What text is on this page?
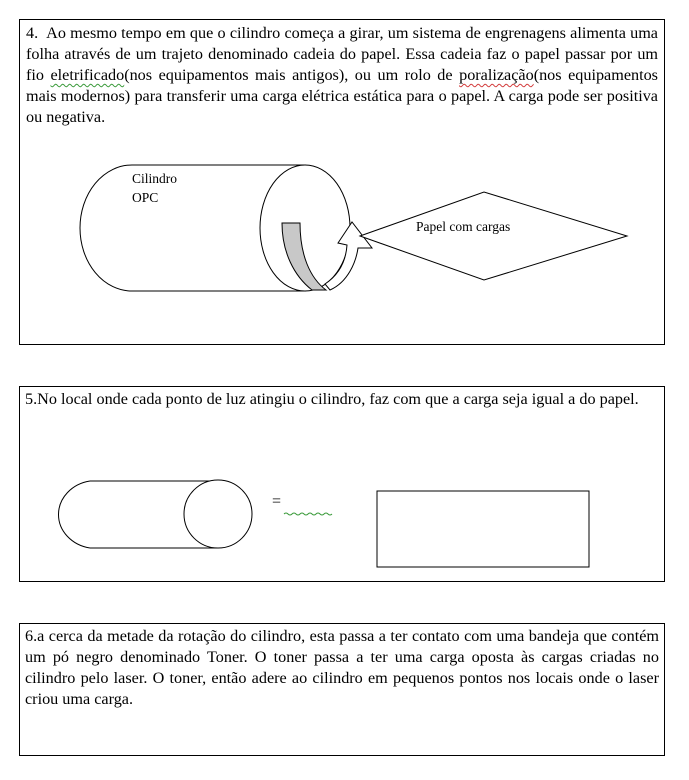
4. Ao mesmo tempo em que o cilindro começa a girar, um sistema de engrenagens alimenta uma folha através de um trajeto denominado cadeia do papel. Essa cadeia faz o papel passar por um fio eletrificado(nos equipamentos mais antigos), ou um rolo de poralização(nos equipamentos mais modernos) para transferir uma carga elétrica estática para o papel. A carga pode ser positiva ou negativa.
Cilindro
OPC
Papel com cargas
5.No local onde cada ponto de luz atingiu o cilindro, faz com que a carga seja igual a do papel.
=
6.a cerca da metade da rotação do cilindro, esta passa a ter contato com uma bandeja que contém um pó negro denominado Toner. O toner passa a ter uma carga oposta às cargas criadas no cilindro pelo laser. O toner, então adere ao cilindro em pequenos pontos nos locais onde o laser criou uma carga.
